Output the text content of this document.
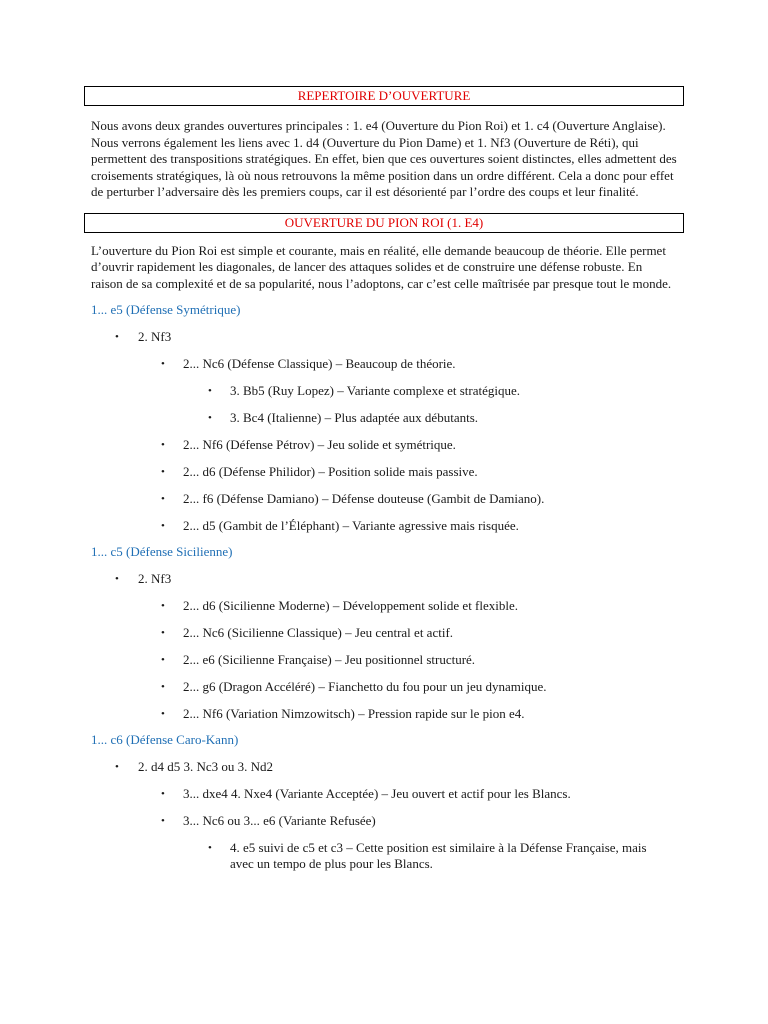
REPERTOIRE D’OUVERTURE

Nous avons deux grandes ouvertures principales : 1. e4 (Ouverture du Pion Roi) et 1. c4 (Ouverture Anglaise).

Nous verrons également les liens avec 1. d4 (Ouverture du Pion Dame) et 1. Nf3 (Ouverture de Réti), qui permettent des transpositions stratégiques. En effet, bien que ces ouvertures soient distinctes, elles admettent des croisements stratégiques, là où nous retrouvons la même position dans un ordre différent. Cela a donc pour effet de perturber l’adversaire dès les premiers coups, car il est désorienté par l’ordre des coups et leur finalité.

OUVERTURE DU PION ROI (1. E4)
L’ouverture du Pion Roi est simple et courante, mais en réalité, elle demande beaucoup de théorie. Elle permet d’ouvrir rapidement les diagonales, de lancer des attaques solides et de construire une défense robuste. En raison de sa complexité et de sa popularité, nous l’adoptons, car c’est celle maîtrisée par presque tout le monde.
1... e5 (Défense Symétrique)
• 2. Nf3
• 2... Nc6 (Défense Classique) – Beaucoup de théorie.
• 3. Bb5 (Ruy Lopez) – Variante complexe et stratégique.
• 3. Bc4 (Italienne) – Plus adaptée aux débutants.
• 2... Nf6 (Défense Pétrov) – Jeu solide et symétrique.
• 2... d6 (Défense Philidor) – Position solide mais passive.
• 2... f6 (Défense Damiano) – Défense douteuse (Gambit de Damiano).
• 2... d5 (Gambit de l’Éléphant) – Variante agressive mais risquée.
1... c5 (Défense Sicilienne)
• 2. Nf3
• 2... d6 (Sicilienne Moderne) – Développement solide et flexible.
• 2... Nc6 (Sicilienne Classique) – Jeu central et actif.
• 2... e6 (Sicilienne Française) – Jeu positionnel structuré.
• 2... g6 (Dragon Accéléré) – Fianchetto du fou pour un jeu dynamique.
• 2... Nf6 (Variation Nimzowitsch) – Pression rapide sur le pion e4.
1... c6 (Défense Caro-Kann)
• 2. d4 d5 3. Nc3 ou 3. Nd2
• 3... dxe4 4. Nxe4 (Variante Acceptée) – Jeu ouvert et actif pour les Blancs.
• 3... Nc6 ou 3... e6 (Variante Refusée)
• 4. e5 suivi de c5 et c3 – Cette position est similaire à la Défense Française, mais avec un tempo de plus pour les Blancs.
